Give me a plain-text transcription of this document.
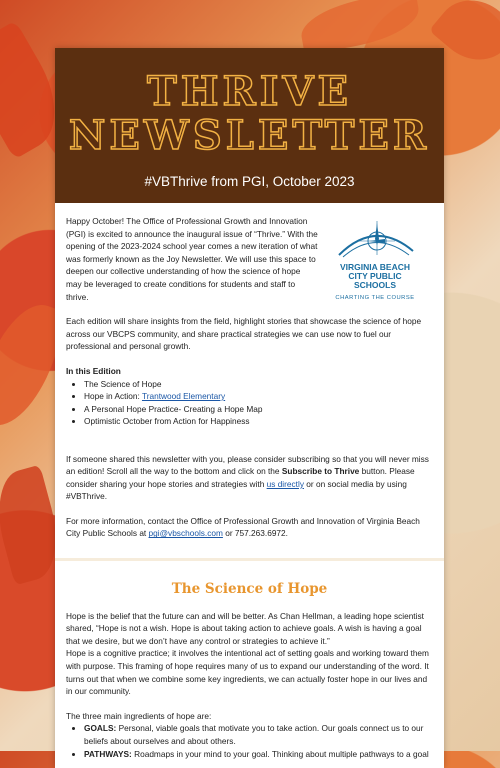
THRIVE
NEWSLETTER
#VBThrive from PGI, October 2023
VIRGINIA BEACH
CITY PUBLIC SCHOOLS
CHARTING THE COURSE

Happy October! The Office of Professional Growth and Innovation (PGI) is excited to announce the inaugural issue of “Thrive.” With the opening of the 2023-2024 school year comes a new iteration of what was formerly known as the Joy Newsletter. We will use this space to deepen our collective understanding of how the science of hope may be leveraged to create conditions for students and staff to thrive.

Each edition will share insights from the field, highlight stories that showcase the science of hope across our VBCPS community, and share practical strategies we can use now to fuel our professional and personal growth.

In this Edition

• The Science of Hope
• Hope in Action: Trantwood Elementary
• A Personal Hope Practice- Creating a Hope Map
• Optimistic October from Action for Happiness

If someone shared this newsletter with you, please consider subscribing so that you will never miss an edition! Scroll all the way to the bottom and click on the Subscribe to Thrive button. Please consider sharing your hope stories and strategies with us directly or on social media by using #VBThrive.

For more information, contact the Office of Professional Growth and Innovation of Virginia Beach City Public Schools at pgi@vbschools.com or 757.263.6972.

The Science of Hope

Hope is the belief that the future can and will be better. As Chan Hellman, a leading hope scientist shared, “Hope is not a wish. Hope is about taking action to achieve goals. A wish is having a goal that we desire, but we don’t have any control or strategies to achieve it.”

Hope is a cognitive practice; it involves the intentional act of setting goals and working toward them with purpose. This framing of hope requires many of us to expand our understanding of the word. It turns out that when we combine some key ingredients, we can actually foster hope in our lives and in our community.

The three main ingredients of hope are:

• GOALS: Personal, viable goals that motivate you to take action. Our goals connect us to our beliefs about ourselves and about others.
• PATHWAYS: Roadmaps in your mind to your goal. Thinking about multiple pathways to a goal
